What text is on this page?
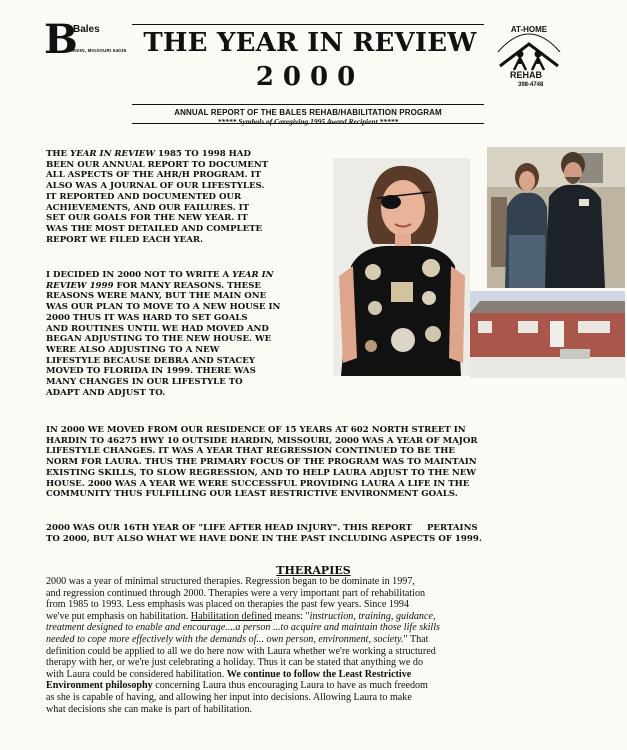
B
Bales
HARDIN, MISSOURI 64035 THE YEAR IN REVIEW
2000
AT-HOME
REHAB
398-4748
ANNUAL REPORT OF THE BALES REHAB/HABILITATION PROGRAM
***** Symbols of Caregiving 1995 Award Recipient *****
THE YEAR IN REVIEW 1985 TO 1998 HAD
BEEN OUR ANNUAL REPORT TO DOCUMENT
ALL ASPECTS OF THE AHR/H PROGRAM. IT
ALSO WAS A JOURNAL OF OUR LIFESTYLES.
IT REPORTED AND DOCUMENTED OUR
ACHIEVEMENTS, AND OUR FAILURES. IT
SET OUR GOALS FOR THE NEW YEAR. IT
WAS THE MOST DETAILED AND COMPLETE
REPORT WE FILED EACH YEAR.
I DECIDED IN 2000 NOT TO WRITE A YEAR IN
REVIEW 1999 FOR MANY REASONS. THESE
REASONS WERE MANY, BUT THE MAIN ONE
WAS OUR PLAN TO MOVE TO A NEW HOUSE IN
2000 THUS IT WAS HARD TO SET GOALS
AND ROUTINES UNTIL WE HAD MOVED AND
BEGAN ADJUSTING TO THE NEW HOUSE. WE
WERE ALSO ADJUSTING TO A NEW
LIFESTYLE BECAUSE DEBRA AND STACEY
MOVED TO FLORIDA IN 1999. THERE WAS
MANY CHANGES IN OUR LIFESTYLE TO
ADAPT AND ADJUST TO.
IN 2000 WE MOVED FROM OUR RESIDENCE OF 15 YEARS AT 602 NORTH STREET IN
HARDIN TO 46275 HWY 10 OUTSIDE HARDIN, MISSOURI, 2000 WAS A YEAR OF MAJOR
LIFESTYLE CHANGES. IT WAS A YEAR THAT REGRESSION CONTINUED TO BE THE
NORM FOR LAURA. THUS THE PRIMARY FOCUS OF THE PROGRAM WAS TO MAINTAIN
EXISTING SKILLS, TO SLOW REGRESSION, AND TO HELP LAURA ADJUST TO THE NEW
HOUSE. 2000 WAS A YEAR WE WERE SUCCESSFUL PROVIDING LAURA A LIFE IN THE
COMMUNITY THUS FULFILLING OUR LEAST RESTRICTIVE ENVIRONMENT GOALS.
2000 WAS OUR 16TH YEAR OF "LIFE AFTER HEAD INJURY". THIS REPORT     PERTAINS
TO 2000, BUT ALSO WHAT WE HAVE DONE IN THE PAST INCLUDING ASPECTS OF 1999.
THERAPIES
2000 was a year of minimal structured therapies. Regression began to be dominate in 1997,
and regression continued through 2000. Therapies were a very important part of rehabilitation
from 1985 to 1993. Less emphasis was placed on therapies the past few years. Since 1994
we've put emphasis on habilitation. Habilitation defined means: "instruction, training, guidance,
treatment designed to enable and encourage....a person ...to acquire and maintain those life skills
needed to cope more effectively with the demands of... own person, environment, society." That
definition could be applied to all we do here now with Laura whether we're working a structured
therapy with her, or we're just celebrating a holiday. Thus it can be stated that anything we do
with Laura could be considered habilitation. We continue to follow the Least Restrictive
Environment philosophy concerning Laura thus encouraging Laura to have as much freedom
as she is capable of having, and allowing her input into decisions. Allowing Laura to make
what decisions she can make is part of habilitation.
